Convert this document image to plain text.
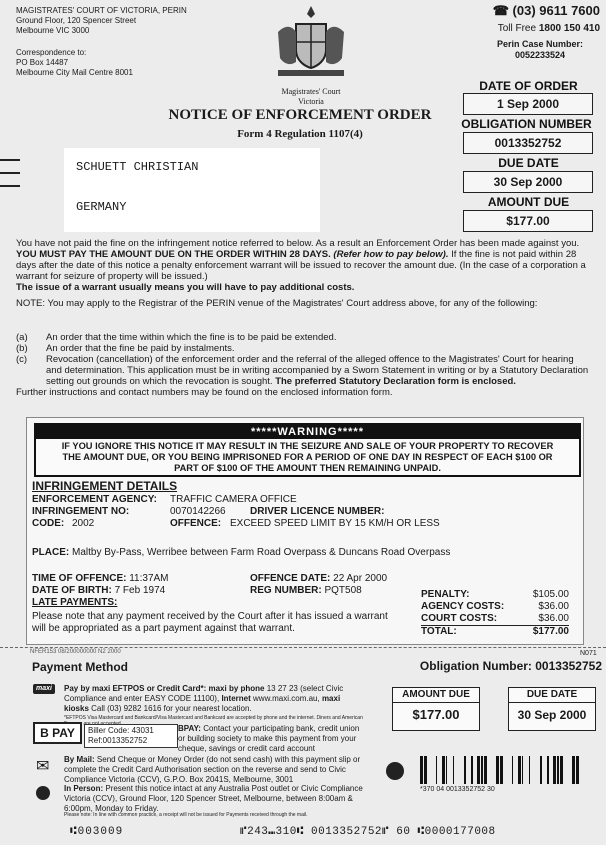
MAGISTRATES' COURT OF VICTORIA, PERIN
Ground Floor, 120 Spencer Street
Melbourne VIC 3000
Correspondence to:
PO Box 14487
Melbourne City Mail Centre 8001
Magistrates' Court
Victoria
☎ (03) 9611 7600
Toll Free 1800 150 410
Perin Case Number:
0052233524
NOTICE OF ENFORCEMENT ORDER
Form 4 Regulation 1107(4)
SCHUETT CHRISTIAN
GERMANY
DATE OF ORDER
1 Sep 2000
OBLIGATION NUMBER
0013352752
DUE DATE
30 Sep 2000
AMOUNT DUE
$177.00
You have not paid the fine on the infringement notice referred to below. As a result an Enforcement Order has been made against you. YOU MUST PAY THE AMOUNT DUE ON THE ORDER WITHIN 28 DAYS. (Refer how to pay below). If the fine is not paid within 28 days after the date of this notice a penalty enforcement warrant will be issued to recover the amount due. (In the case of a corporation a warrant for seizure of property will be issued.)
The issue of a warrant usually means you will have to pay additional costs.
NOTE: You may apply to the Registrar of the PERIN venue of the Magistrates' Court address above, for any of the following:
(a)	An order that the time within which the fine is to be paid be extended.
(b)	An order that the fine be paid by instalments.
(c)	Revocation (cancellation) of the enforcement order and the referral of the alleged offence to the Magistrates' Court for hearing and determination. This application must be in writing accompanied by a Sworn Statement in writing or by a Statutory Declaration setting out grounds on which the revocation is sought. The preferred Statutory Declaration form is enclosed.
Further instructions and contact numbers may be found on the enclosed information form.
*****WARNING*****
IF YOU IGNORE THIS NOTICE IT MAY RESULT IN THE SEIZURE AND SALE OF YOUR PROPERTY TO RECOVER THE AMOUNT DUE, OR YOU BEING IMPRISONED FOR A PERIOD OF ONE DAY IN RESPECT OF EACH $100 OR PART OF $100 OF THE AMOUNT THEN REMAINING UNPAID.
INFRINGEMENT DETAILS
ENFORCEMENT AGENCY: TRAFFIC CAMERA OFFICE
INFRINGEMENT NO:	0070142266 DRIVER LICENCE NUMBER:
CODE: 2002	OFFENCE: EXCEED SPEED LIMIT BY 15 KM/H OR LESS
PLACE: Maltby By-Pass, Werribee between Farm Road Overpass & Duncans Road Overpass
TIME OF OFFENCE: 11:37AM	OFFENCE DATE: 22 Apr 2000
DATE OF BIRTH: 7 Feb 1974	REG NUMBER: PQT508
LATE PAYMENTS:
Please note that any payment received by the Court after it has issued a warrant will be appropriated as a part payment against that warrant.
PENALTY:	$105.00
AGENCY COSTS:	$36.00
COURT COSTS:	$36.00
TOTAL:	$177.00
NFER153 08/200000000 N2 2000	N071
Payment Method	Obligation Number: 0013352752
maxi	Pay by maxi EFTPOS or Credit Card*: maxi by phone 13 27 23 (select Civic Compliance and enter EASY CODE 11100), Internet www.maxi.com.au, maxi kiosks Call (03) 9282 1616 for your nearest location.
*EFTPOS Visa Mastercard and Bankcard/Visa Mastercard and Bankcard are accepted by phone and the internet. Diners and American
B PAY	Biller Code: 43031
Ref:0013352752
BPAY: Contact your participating bank, credit union or building society to make this payment from your cheque, savings or credit card account
✉ By Mail: Send Cheque or Money Order (do not send cash) with this payment slip or complete the Credit Card Authorisation section on the reverse and send to Civic Compliance Victoria (CCV), G.P.O. Box 2041S, Melbourne, 3001
In Person: Present this notice intact at any Australia Post outlet or Civic Compliance Victoria (CCV), Ground Floor, 120 Spencer Street, Melbourne, between 8:00am & 6:00pm, Monday to Friday.
Please note: In line with common practice, a receipt will not be issued for Payments received through the mail.
AMOUNT DUE
$177.00
DUE DATE
30 Sep 2000
*370 04 0013352752 30
⑆003009	⑈243⑉310⑆ 0013352752⑈ 60 ⑆0000177008
